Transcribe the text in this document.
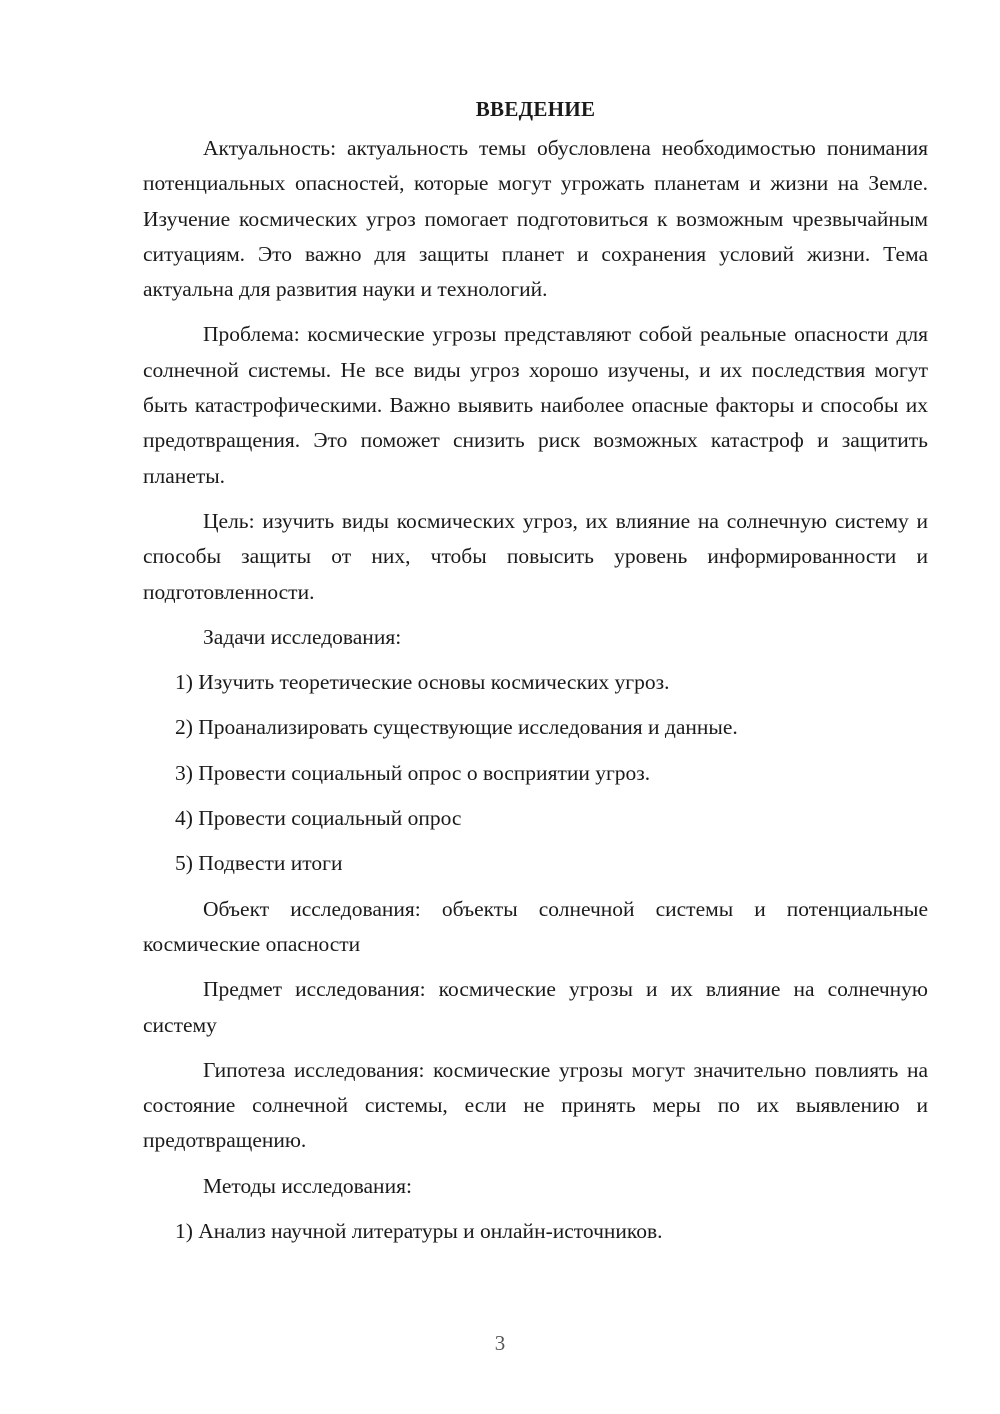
ВВЕДЕНИЕ

Актуальность: актуальность темы обусловлена необходимостью понимания потенциальных опасностей, которые могут угрожать планетам и жизни на Земле. Изучение космических угроз помогает подготовиться к возможным чрезвычайным ситуациям. Это важно для защиты планет и сохранения условий жизни. Тема актуальна для развития науки и технологий.

Проблема: космические угрозы представляют собой реальные опасности для солнечной системы. Не все виды угроз хорошо изучены, и их последствия могут быть катастрофическими. Важно выявить наиболее опасные факторы и способы их предотвращения. Это поможет снизить риск возможных катастроф и защитить планеты.

Цель: изучить виды космических угроз, их влияние на солнечную систему и способы защиты от них, чтобы повысить уровень информированности и подготовленности.

Задачи исследования:

1) Изучить теоретические основы космических угроз.

2) Проанализировать существующие исследования и данные.

3) Провести социальный опрос о восприятии угроз.

4) Провести социальный опрос

5) Подвести итоги

Объект исследования: объекты солнечной системы и потенциальные космические опасности

Предмет исследования: космические угрозы и их влияние на солнечную систему

Гипотеза исследования: космические угрозы могут значительно повлиять на состояние солнечной системы, если не принять меры по их выявлению и предотвращению.

Методы исследования:

1) Анализ научной литературы и онлайн-источников.

3
